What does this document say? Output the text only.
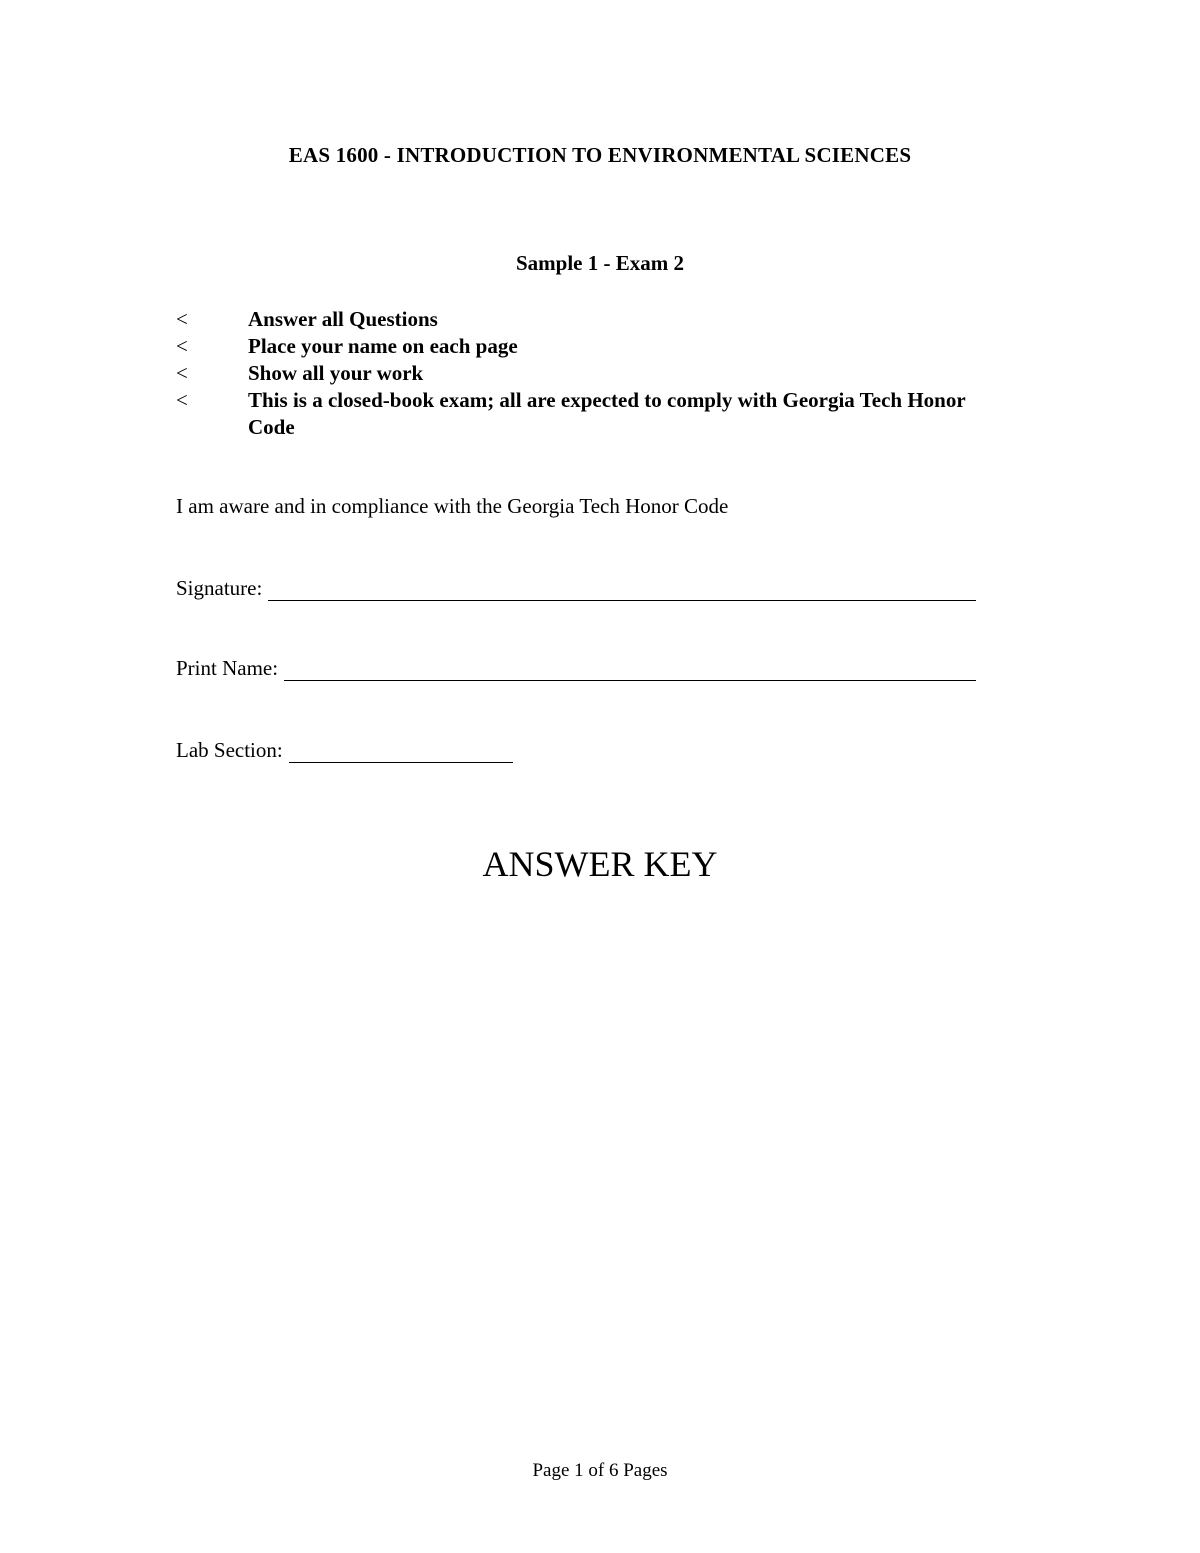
EAS 1600 - INTRODUCTION TO ENVIRONMENTAL SCIENCES
Sample 1 - Exam 2
<	Answer all Questions
<	Place your name on each page
<	Show all your work
<	This is a closed-book exam; all are expected to comply with Georgia Tech Honor Code
I am aware and in compliance with the Georgia Tech Honor Code
Signature:
Print Name:
Lab Section:
ANSWER KEY
Page 1 of 6 Pages
